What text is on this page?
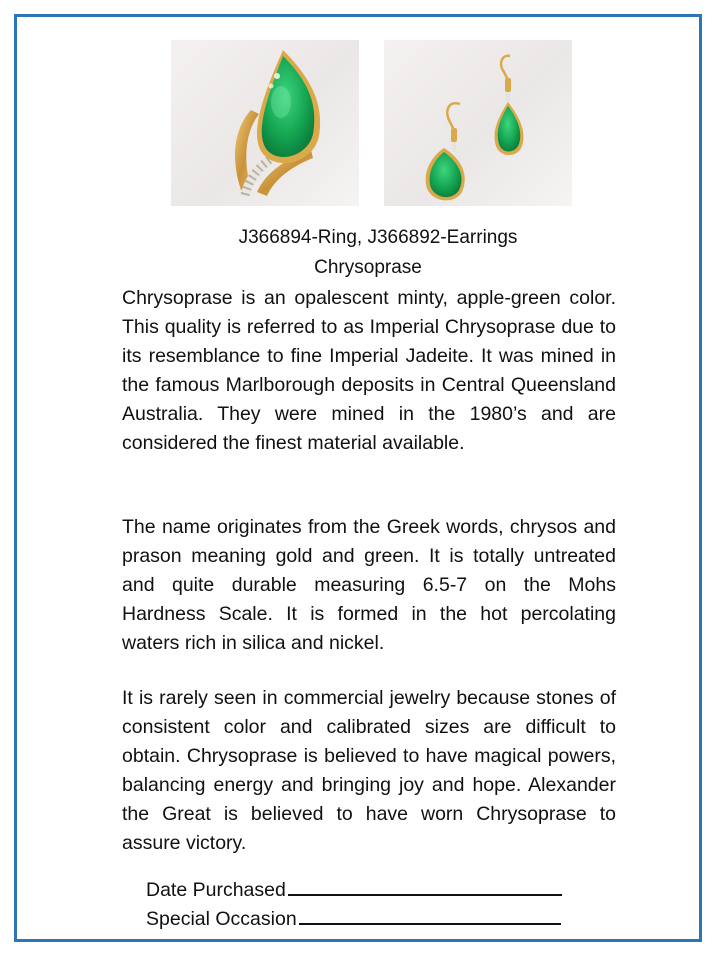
J366894-Ring, J366892-Earrings
Chrysoprase

Chrysoprase is an opalescent minty, apple-green color. This quality is referred to as Imperial Chrysoprase due to its resemblance to fine Imperial Jadeite. It was mined in the famous Marlborough deposits in Central Queensland Australia. They were mined in the 1980’s and are considered the finest material available.

The name originates from the Greek words, chrysos and prason meaning gold and green. It is totally untreated and quite durable measuring 6.5-7 on the Mohs Hardness Scale. It is formed in the hot percolating waters rich in silica and nickel.

It is rarely seen in commercial jewelry because stones of consistent color and calibrated sizes are difficult to obtain. Chrysoprase is believed to have magical powers, balancing energy and bringing joy and hope. Alexander the Great is believed to have worn Chrysoprase to assure victory.

Date Purchased
Special Occasion
